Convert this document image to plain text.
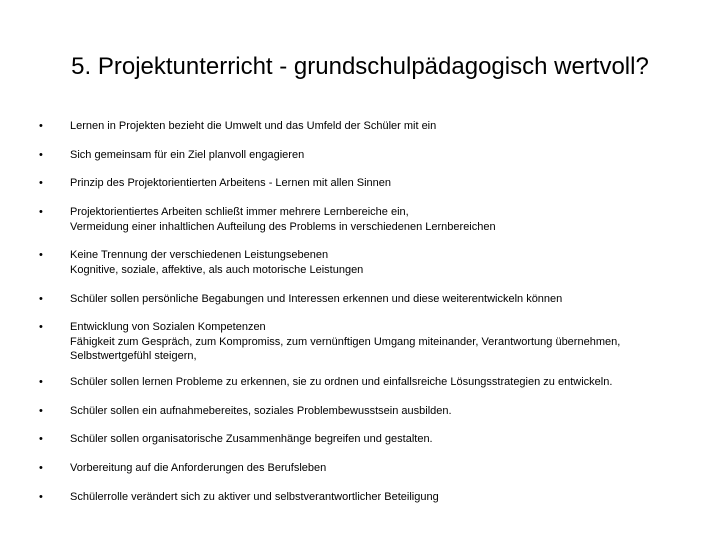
5. Projektunterricht - grundschulpädagogisch wertvoll?
• Lernen in Projekten bezieht die Umwelt und das Umfeld der Schüler mit ein
• Sich gemeinsam für ein Ziel planvoll engagieren
• Prinzip des Projektorientierten Arbeitens - Lernen mit allen Sinnen
• Projektorientiertes Arbeiten schließt immer mehrere Lernbereiche ein,
Vermeidung einer inhaltlichen Aufteilung des Problems in verschiedenen Lernbereichen
• Keine Trennung der verschiedenen Leistungsebenen
Kognitive, soziale, affektive, als auch motorische Leistungen
• Schüler sollen persönliche Begabungen und Interessen erkennen und diese weiterentwickeln können
• Entwicklung von Sozialen Kompetenzen
Fähigkeit zum Gespräch, zum Kompromiss, zum vernünftigen Umgang miteinander, Verantwortung übernehmen,
Selbstwertgefühl steigern,
• Schüler sollen lernen Probleme zu erkennen, sie zu ordnen und einfallsreiche Lösungsstrategien zu entwickeln.
• Schüler sollen ein aufnahmebereites, soziales Problembewusstsein ausbilden.
• Schüler sollen organisatorische Zusammenhänge begreifen und gestalten.
• Vorbereitung auf die Anforderungen des Berufsleben
• Schülerrolle verändert sich zu aktiver und selbstverantwortlicher Beteiligung
